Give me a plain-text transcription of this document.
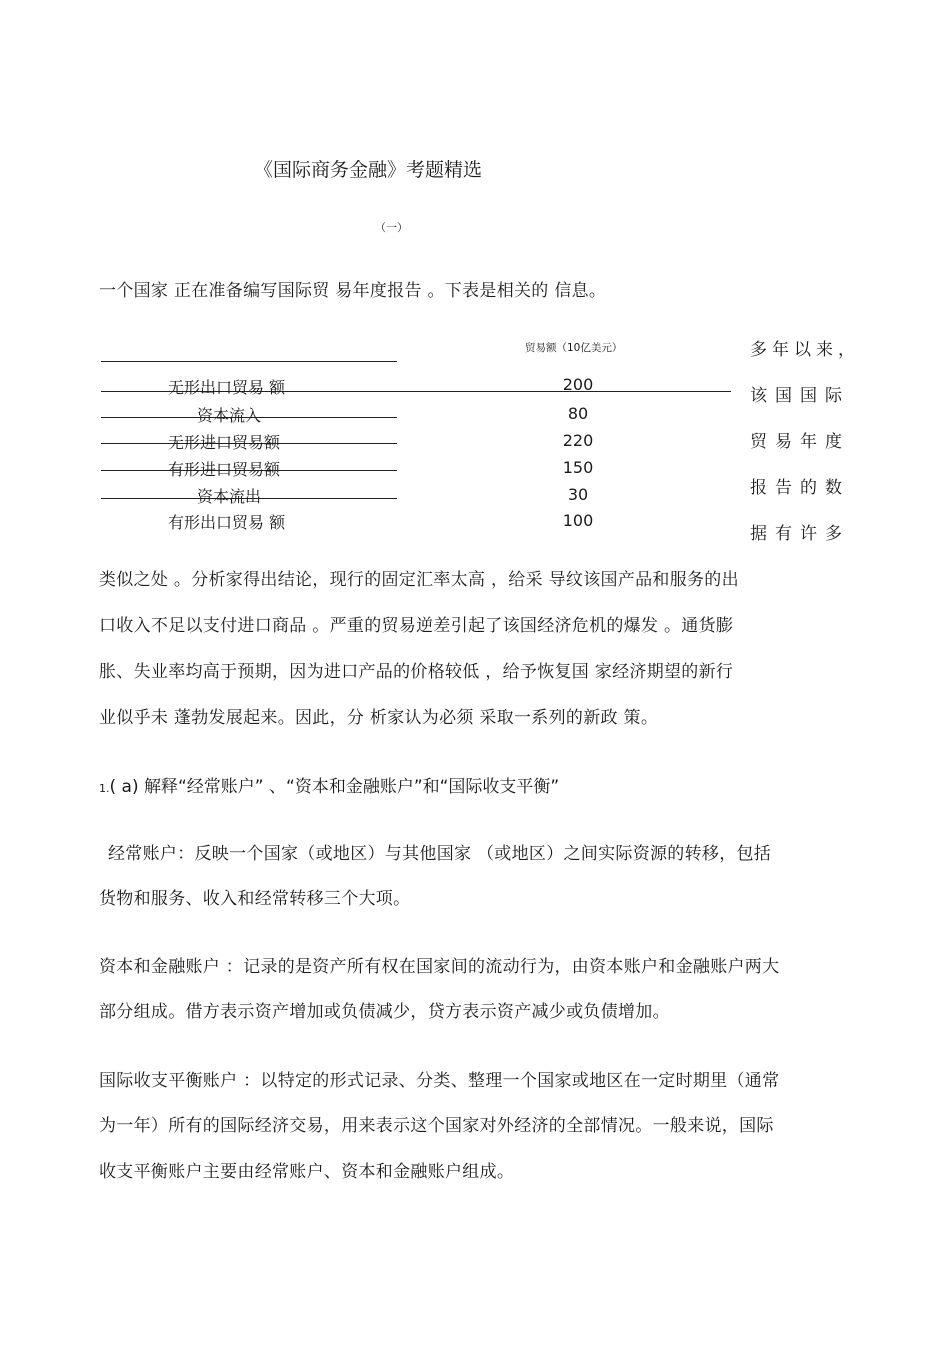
《国际商务金融》考题精选
（一）
一个国家 正在准备编写国际贸 易年度报告 。下表是相关的 信息。
贸易额（10亿美元）
无形出口贸易 额	200
资本流入	80
无形进口贸易额	220
有形进口贸易额	150
资本流出	30
有形出口贸易 额	100
多年以来，
该国国际
贸易年度
报告的数
据有许多
类似之处 。分析家得出结论，现行的固定汇率太高 ，给采 导纹该国产品和服务的出
口收入不足以支付进口商品 。严重的贸易逆差引起了该国经济危机的爆发 。通货膨
胀、失业率均高于预期，因为进口产品的价格较低 ，给予恢复国 家经济期望的新行
业似乎未 蓬勃发展起来。因此，分 析家认为必须 采取一系列的新政 策。
1.( a) 解释“经常账户” 、“资本和金融账户”和“国际收支平衡”
经常账户：反映一个国家（或地区）与其他国家 （或地区）之间实际资源的转移，包括
货物和服务、收入和经常转移三个大项。
资本和金融账户 ：记录的是资产所有权在国家间的流动行为，由资本账户和金融账户两大
部分组成。借方表示资产增加或负债减少，贷方表示资产减少或负债增加。
国际收支平衡账户 ：以特定的形式记录、分类、整理一个国家或地区在一定时期里（通常
为一年）所有的国际经济交易，用来表示这个国家对外经济的全部情况。一般来说，国际
收支平衡账户主要由经常账户、资本和金融账户组成。
